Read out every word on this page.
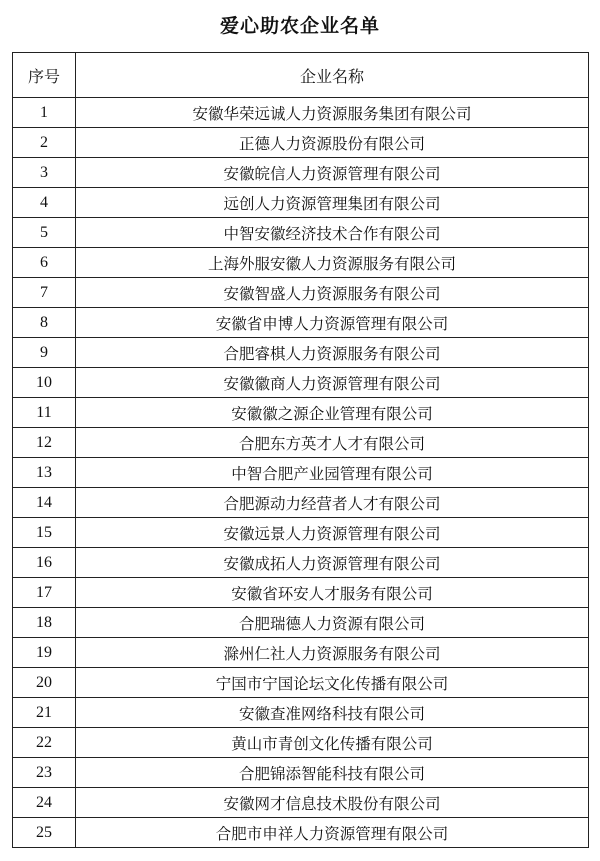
爱心助农企业名单
序号	企业名称
1	安徽华荣远诚人力资源服务集团有限公司
2	正德人力资源股份有限公司
3	安徽皖信人力资源管理有限公司
4	远创人力资源管理集团有限公司
5	中智安徽经济技术合作有限公司
6	上海外服安徽人力资源服务有限公司
7	安徽智盛人力资源服务有限公司
8	安徽省申博人力资源管理有限公司
9	合肥睿棋人力资源服务有限公司
10	安徽徽商人力资源管理有限公司
11	安徽徽之源企业管理有限公司
12	合肥东方英才人才有限公司
13	中智合肥产业园管理有限公司
14	合肥源动力经营者人才有限公司
15	安徽远景人力资源管理有限公司
16	安徽成拓人力资源管理有限公司
17	安徽省环安人才服务有限公司
18	合肥瑞德人力资源有限公司
19	滁州仁社人力资源服务有限公司
20	宁国市宁国论坛文化传播有限公司
21	安徽查准网络科技有限公司
22	黄山市青创文化传播有限公司
23	合肥锦添智能科技有限公司
24	安徽网才信息技术股份有限公司
25	合肥市申祥人力资源管理有限公司
